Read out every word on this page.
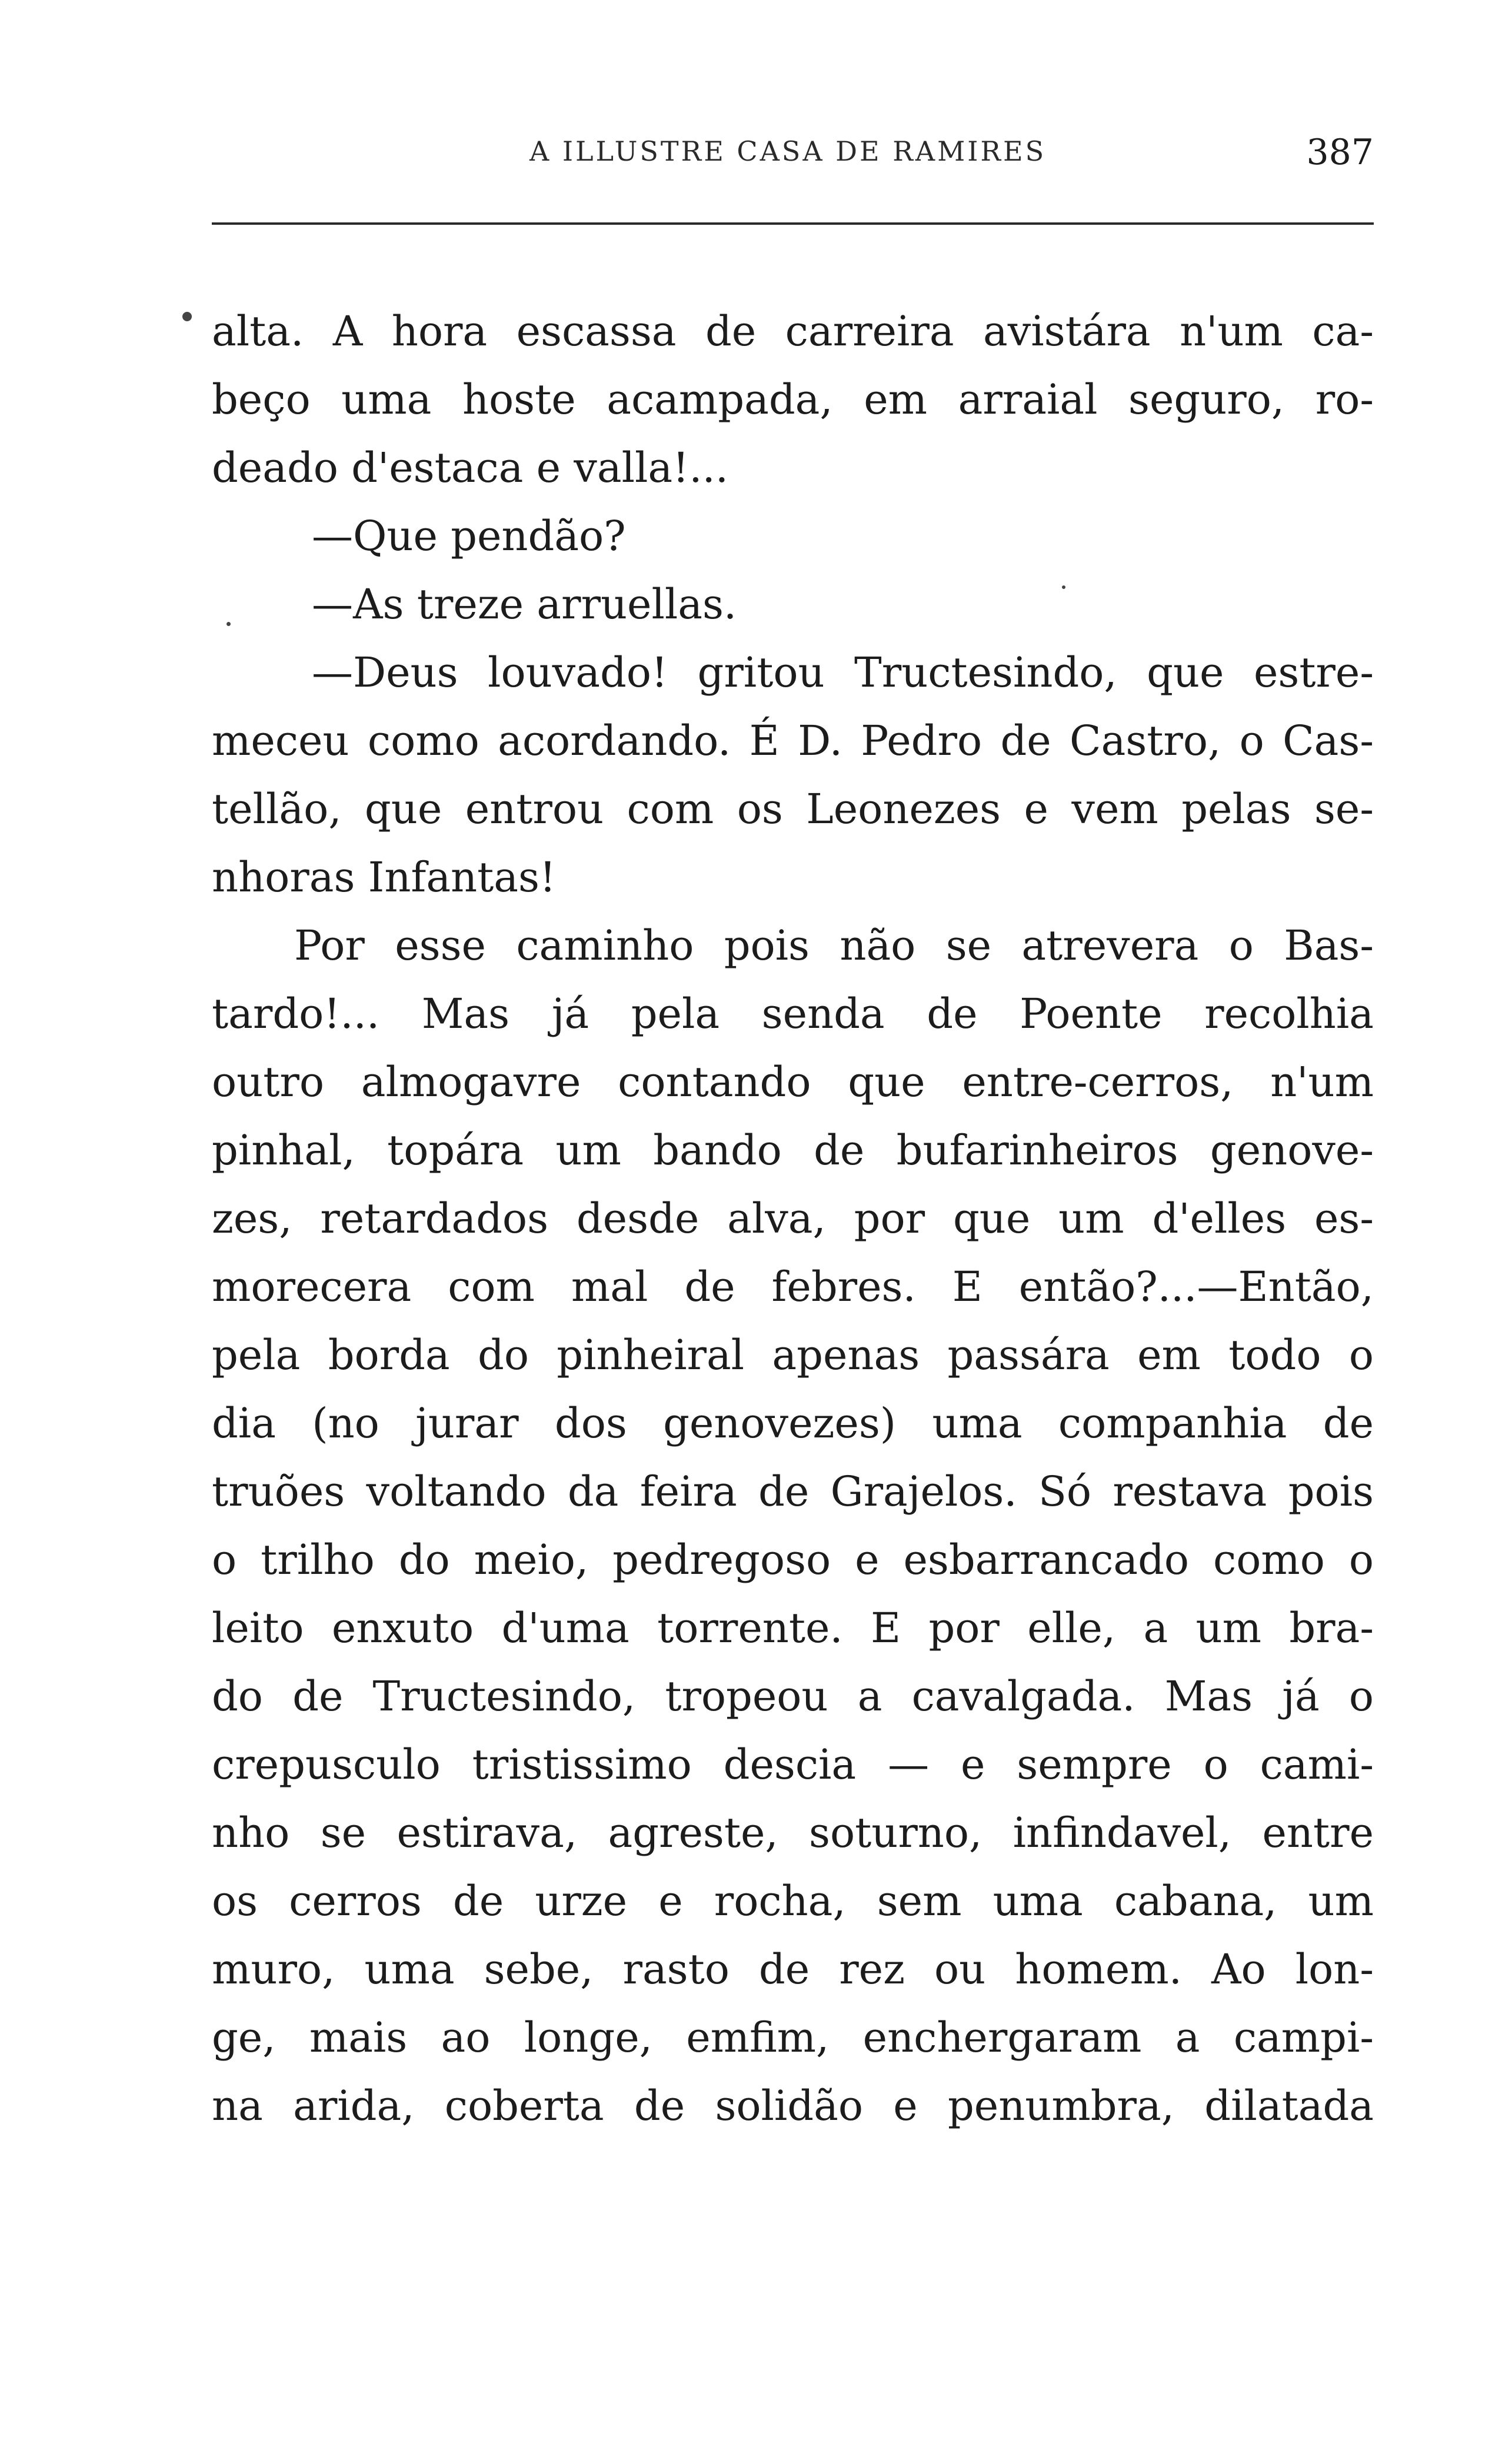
A ILLUSTRE CASA DE RAMIRES	387
alta. A hora escassa de carreira avistára n'um ca-
beço uma hoste acampada, em arraial seguro, ro-
deado d'estaca e valla!...
—Que pendão?
—As treze arruellas.
—Deus louvado! gritou Tructesindo, que estre-
meceu como acordando. É D. Pedro de Castro, o Cas-
tellão, que entrou com os Leonezes e vem pelas se-
nhoras Infantas!
Por esse caminho pois não se atrevera o Bas-
tardo!... Mas já pela senda de Poente recolhia
outro almogavre contando que entre-cerros, n'um
pinhal, topára um bando de bufarinheiros genove-
zes, retardados desde alva, por que um d'elles es-
morecera com mal de febres. E então?...—Então,
pela borda do pinheiral apenas passára em todo o
dia (no jurar dos genovezes) uma companhia de
truões voltando da feira de Grajelos. Só restava pois
o trilho do meio, pedregoso e esbarrancado como o
leito enxuto d'uma torrente. E por elle, a um bra-
do de Tructesindo, tropeou a cavalgada. Mas já o
crepusculo tristissimo descia — e sempre o cami-
nho se estirava, agreste, soturno, infindavel, entre
os cerros de urze e rocha, sem uma cabana, um
muro, uma sebe, rasto de rez ou homem. Ao lon-
ge, mais ao longe, emfim, enchergaram a campi-
na arida, coberta de solidão e penumbra, dilatada
